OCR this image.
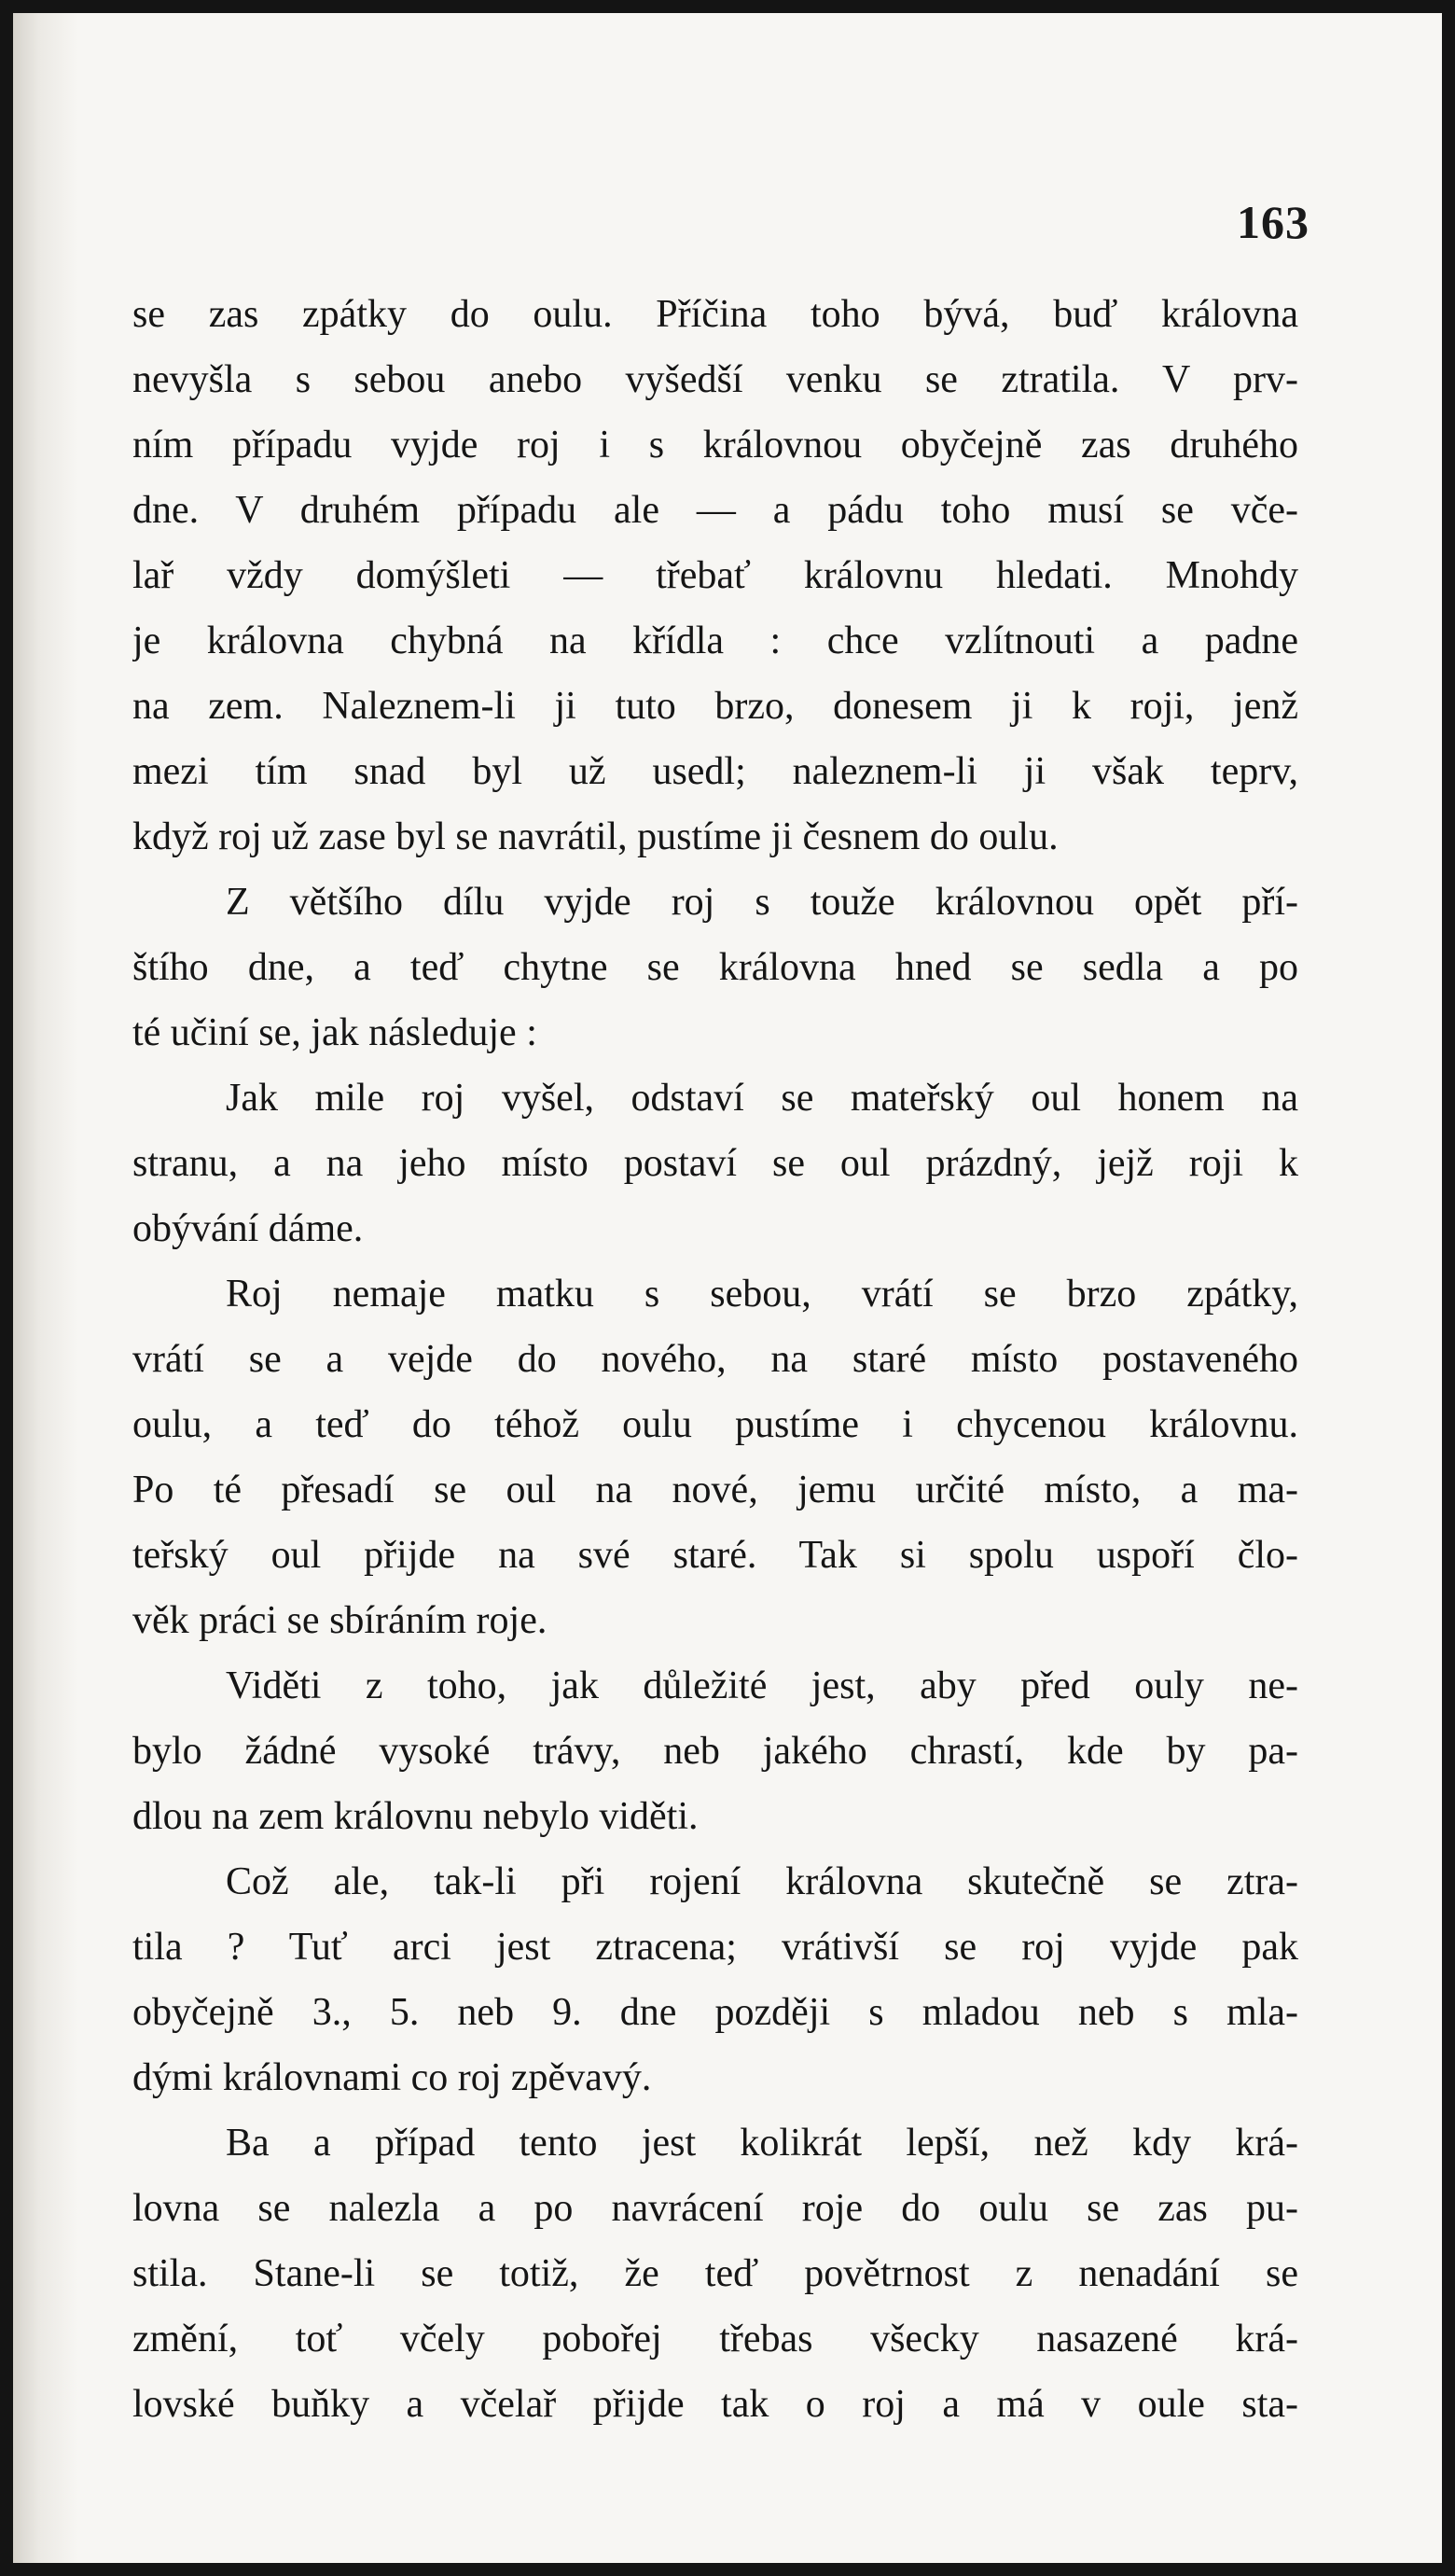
163
se zas zpátky do oulu. Příčina toho bývá, buď královna
nevyšla s sebou anebo vyšedší venku se ztratila. V prv-
ním případu vyjde roj i s královnou obyčejně zas druhého
dne. V druhém případu ale — a pádu toho musí se vče-
lař vždy domýšleti — třebať královnu hledati. Mnohdy
je královna chybná na křídla : chce vzlítnouti a padne
na zem. Naleznem-li ji tuto brzo, donesem ji k roji, jenž
mezi tím snad byl už usedl; naleznem-li ji však teprv,
když roj už zase byl se navrátil, pustíme ji česnem do oulu.
Z většího dílu vyjde roj s touže královnou opět pří-
štího dne, a teď chytne se královna hned se sedla a po
té učiní se, jak následuje :
Jak mile roj vyšel, odstaví se mateřský oul honem na
stranu, a na jeho místo postaví se oul prázdný, jejž roji k
obývání dáme.
Roj nemaje matku s sebou, vrátí se brzo zpátky,
vrátí se a vejde do nového, na staré místo postaveného
oulu, a teď do téhož oulu pustíme i chycenou královnu.
Po té přesadí se oul na nové, jemu určité místo, a ma-
teřský oul přijde na své staré. Tak si spolu uspoří člo-
věk práci se sbíráním roje.
Viděti z toho, jak důležité jest, aby před ouly ne-
bylo žádné vysoké trávy, neb jakého chrastí, kde by pa-
dlou na zem královnu nebylo viděti.
Což ale, tak-li při rojení královna skutečně se ztra-
tila ? Tuť arci jest ztracena; vrátivší se roj vyjde pak
obyčejně 3., 5. neb 9. dne později s mladou neb s mla-
dými královnami co roj zpěvavý.
Ba a případ tento jest kolikrát lepší, než kdy krá-
lovna se nalezla a po navrácení roje do oulu se zas pu-
stila. Stane-li se totiž, že teď povětrnost z nenadání se
změní, toť včely pobořej třebas všecky nasazené krá-
lovské buňky a včelař přijde tak o roj a má v oule sta-
